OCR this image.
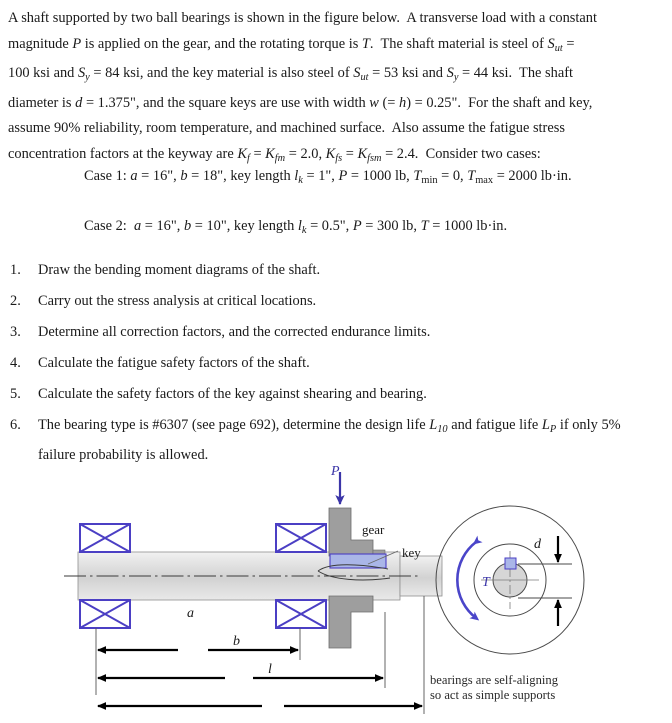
A shaft supported by two ball bearings is shown in the figure below.  A transverse load with a constant

magnitude P is applied on the gear, and the rotating torque is T.  The shaft material is steel of $S_{ut}$ =

100 ksi and $S_y = 84$ ksi, and the key material is also steel of $S_{ut} = 53$ ksi and $S_y = 44$ ksi.  The shaft

diameter is d = 1.375", and the square keys are use with width w (= h) = 0.25".  For the shaft and key,

assume 90% reliability, room temperature, and machined surface.  Also assume the fatigue stress

concentration factors at the keyway are $K_f = K_{fm} = 2.0$, $K_{fs} = K_{fsm} = 2.4$.  Consider two cases:

Case 1: a = 16", b = 18", key length $l_k = 1$", P = 1000 lb, $T_{min} = 0$, $T_{max} = 2000$ lb·in.
Case 2: a = 16", b = 10", key length $l_k = 0.5$", P = 300 lb, T = 1000 lb·in.
1.	Draw the bending moment diagrams of the shaft.
2.	Carry out the stress analysis at critical locations.
3.	Determine all correction factors, and the corrected endurance limits.
4.	Calculate the fatigue safety factors of the shaft.
5.	Calculate the safety factors of the key against shearing and bearing.
6.	The bearing type is #6307 (see page 692), determine the design life $L_{10}$ and fatigue life $L_P$ if only 5% failure probability is allowed.
P
gear
key
T
d
a
b
l
bearings are self-aligning
so act as simple supports
